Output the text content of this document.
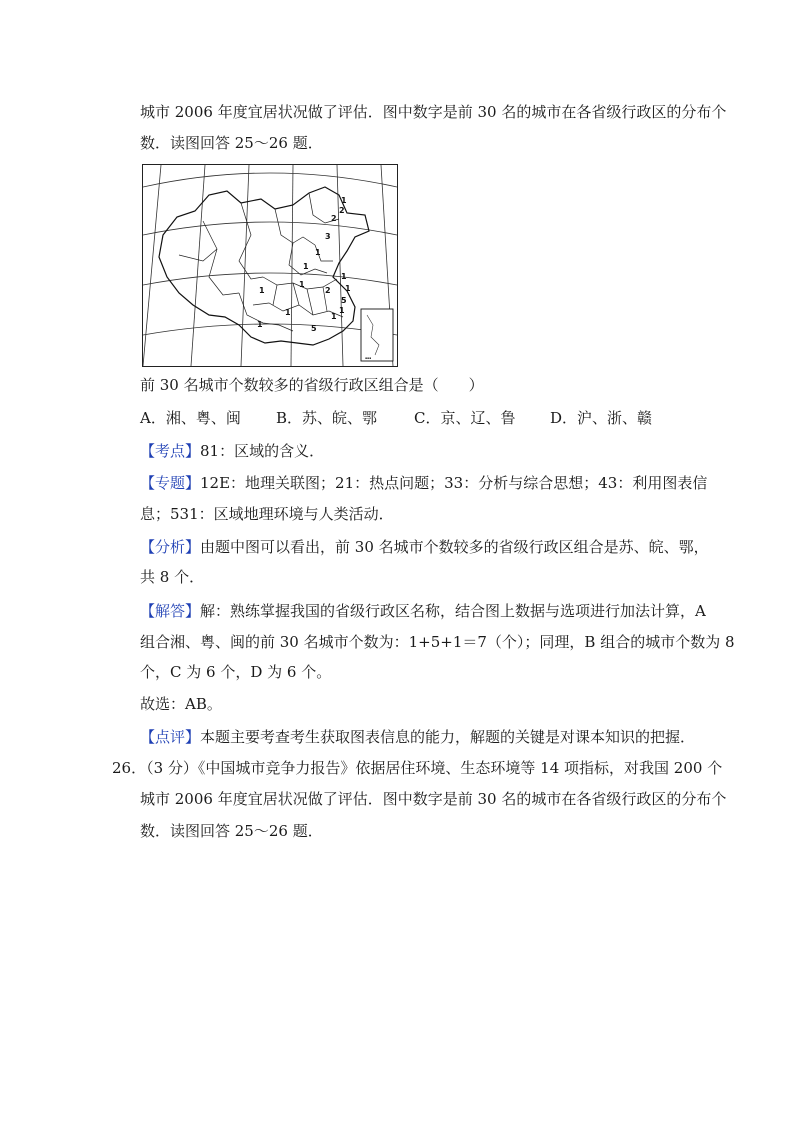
城市 2006 年度宜居状况做了评估．图中数字是前 30 名的城市在各省级行政区的分布个
数．读图回答 25～26 题．
▪▪▪
1
2
2
3
1
1
1
1
2
1
1
5
1
1
5
1
1
前 30 名城市个数较多的省级行政区组合是（　　）
A．湘、粤、闽 B．苏、皖、鄂 C．京、辽、鲁 D．沪、浙、赣
【考点】81：区域的含义．
【专题】12E：地理关联图；21：热点问题；33：分析与综合思想；43：利用图表信
息；531：区域地理环境与人类活动．
【分析】由题中图可以看出，前 30 名城市个数较多的省级行政区组合是苏、皖、鄂，
共 8 个．
【解答】解：熟练掌握我国的省级行政区名称，结合图上数据与选项进行加法计算，A
组合湘、粤、闽的前 30 名城市个数为：1+5+1＝7（个）；同理，B 组合的城市个数为 8
个，C 为 6 个，D 为 6 个。
故选：AB。
【点评】本题主要考查考生获取图表信息的能力，解题的关键是对课本知识的把握．
26．（3 分）《中国城市竞争力报告》依据居住环境、生态环境等 14 项指标，对我国 200 个
城市 2006 年度宜居状况做了评估．图中数字是前 30 名的城市在各省级行政区的分布个
数．读图回答 25～26 题．
